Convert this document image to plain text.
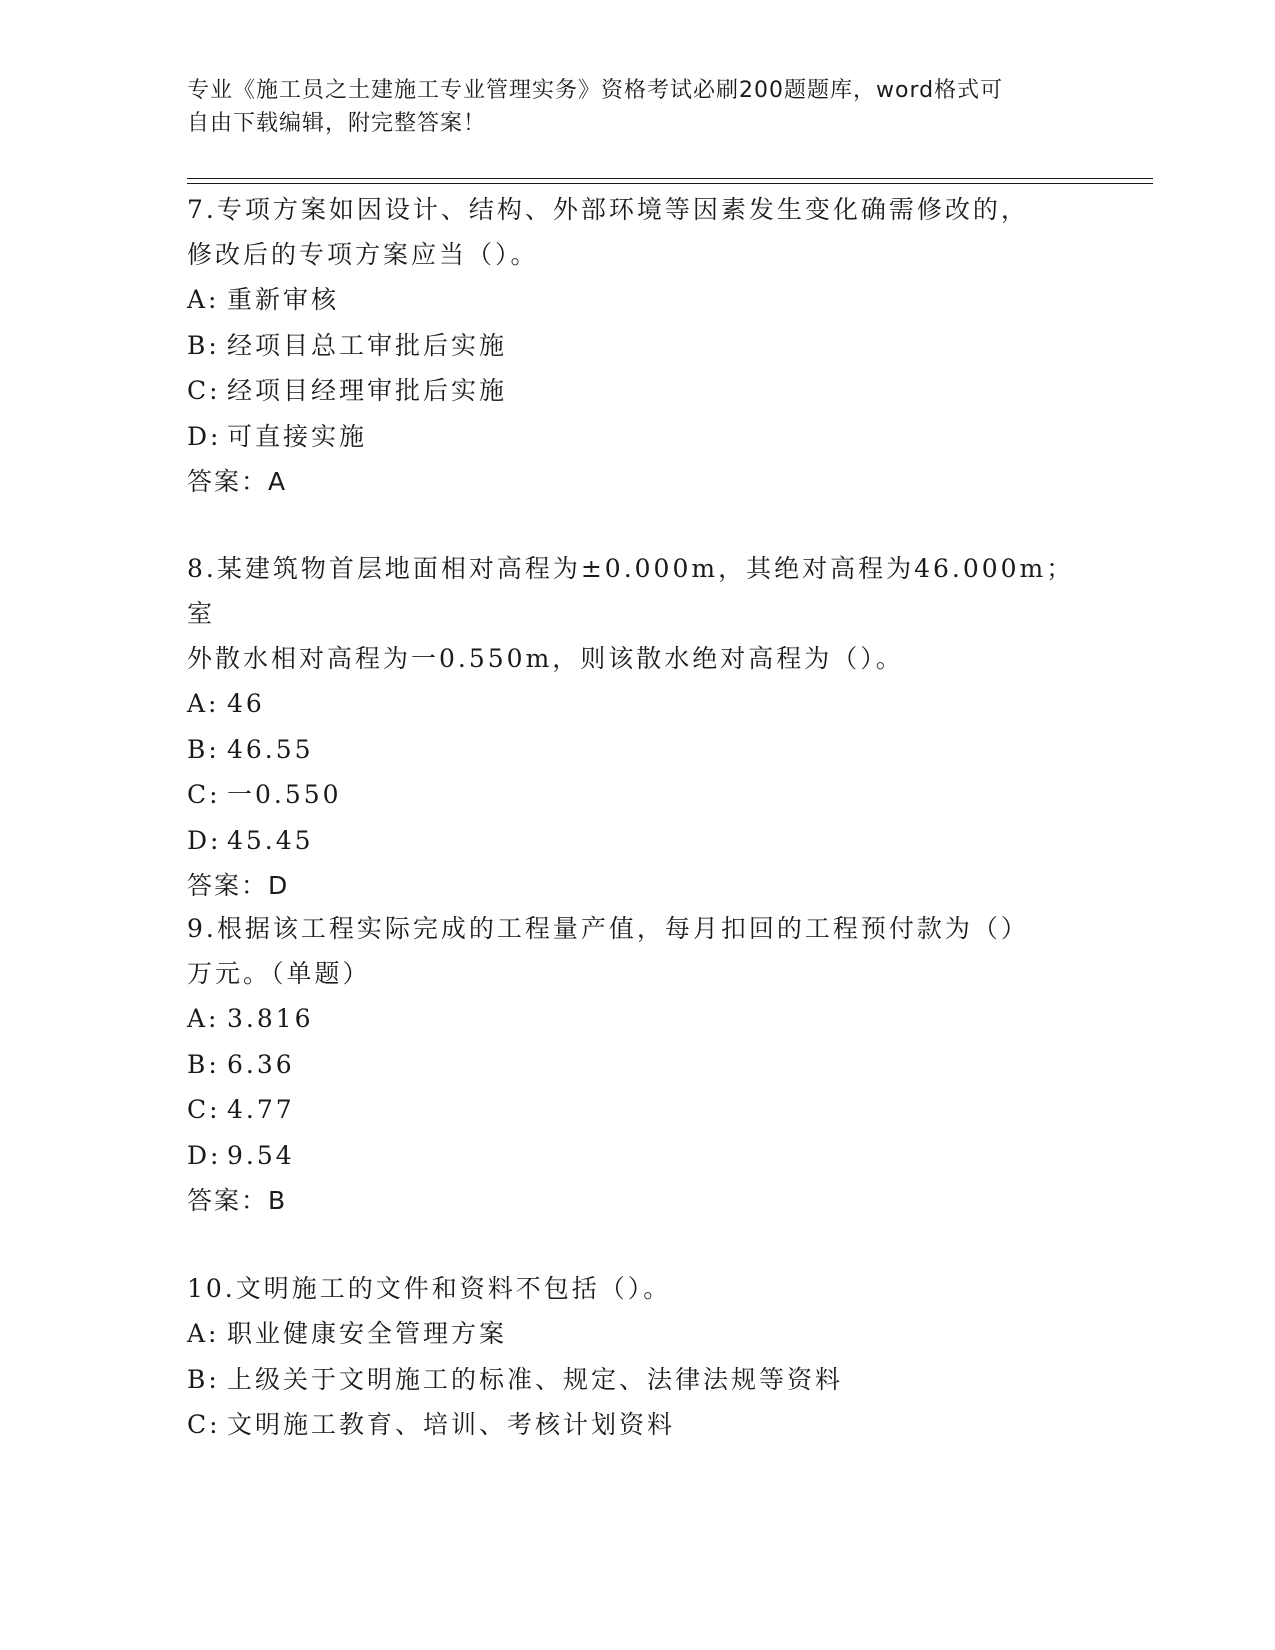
专业《施工员之土建施工专业管理实务》资格考试必刷200题题库，word格式可
自由下载编辑，附完整答案！

7.专项方案如因设计、结构、外部环境等因素发生变化确需修改的，

修改后的专项方案应当（）。

A: 重新审核

B: 经项目总工审批后实施

C: 经项目经理审批后实施

D: 可直接实施

答案：A

8.某建筑物首层地面相对高程为±0.000m，其绝对高程为46.000m；室

外散水相对高程为一0.550m，则该散水绝对高程为（）。

A: 46

B: 46.55

C: 一0.550

D: 45.45

答案：D

9.根据该工程实际完成的工程量产值，每月扣回的工程预付款为（）

万元。（单题）

A: 3.816

B: 6.36

C: 4.77

D: 9.54

答案：B

10.文明施工的文件和资料不包括（）。

A: 职业健康安全管理方案

B: 上级关于文明施工的标准、规定、法律法规等资料

C: 文明施工教育、培训、考核计划资料
